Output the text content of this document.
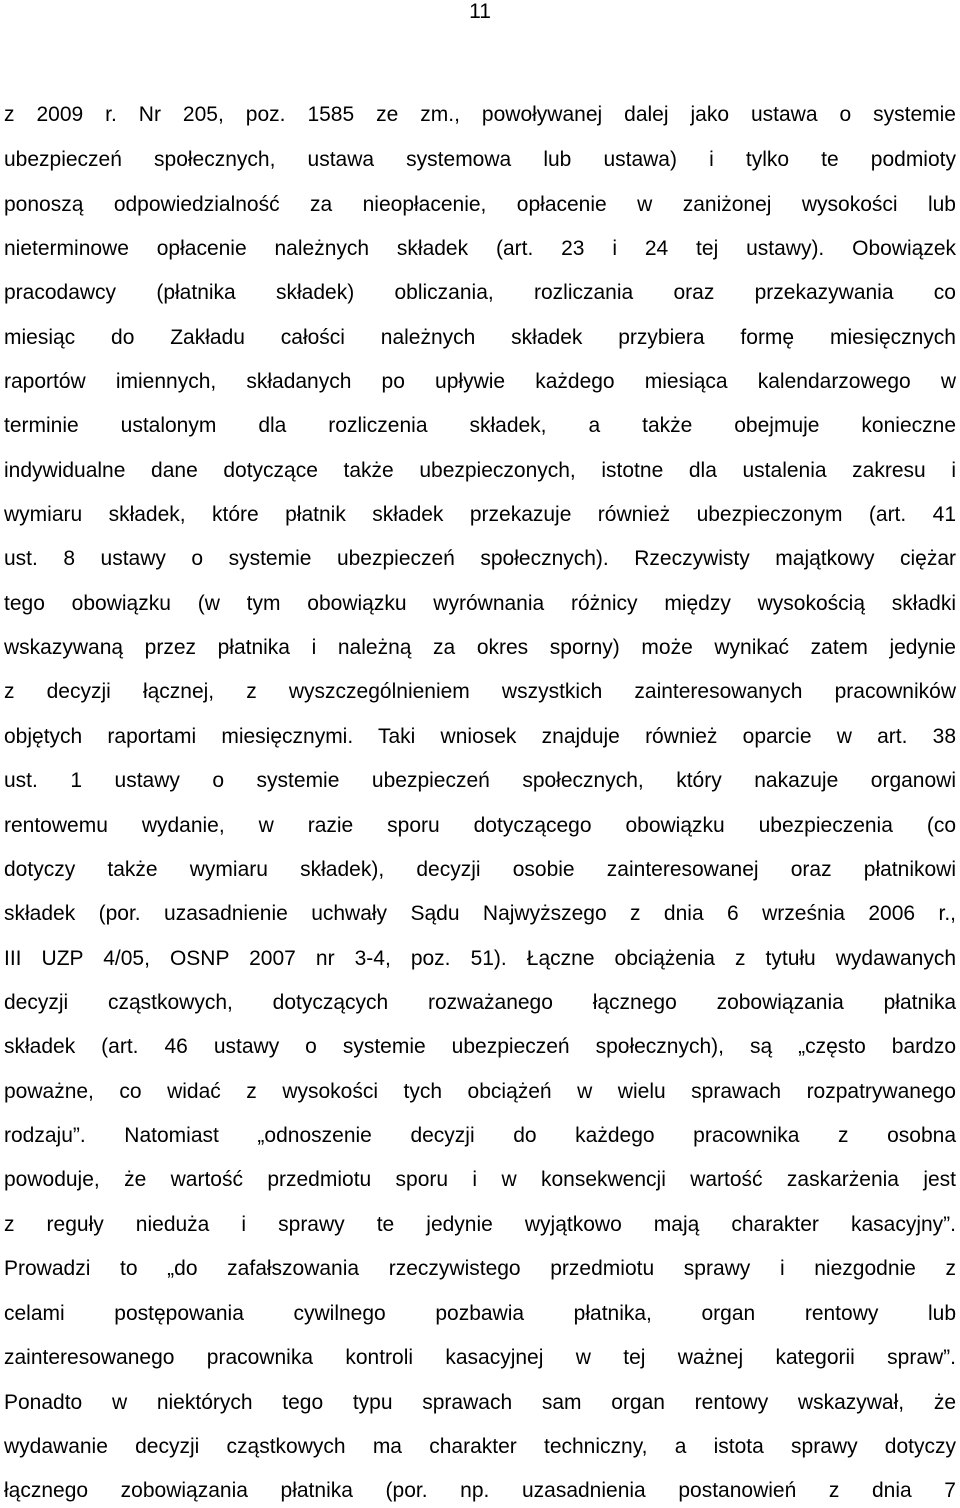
11
z 2009 r. Nr 205, poz. 1585 ze zm., powoływanej dalej jako ustawa o systemie
ubezpieczeń społecznych, ustawa systemowa lub ustawa) i tylko te podmioty
ponoszą odpowiedzialność za nieopłacenie, opłacenie w zaniżonej wysokości lub
nieterminowe opłacenie należnych składek (art. 23 i 24 tej ustawy). Obowiązek
pracodawcy (płatnika składek) obliczania, rozliczania oraz przekazywania co
miesiąc do Zakładu całości należnych składek przybiera formę miesięcznych
raportów imiennych, składanych po upływie każdego miesiąca kalendarzowego w
terminie ustalonym dla rozliczenia składek, a także obejmuje konieczne
indywidualne dane dotyczące także ubezpieczonych, istotne dla ustalenia zakresu i
wymiaru składek, które płatnik składek przekazuje również ubezpieczonym (art. 41
ust. 8 ustawy o systemie ubezpieczeń społecznych). Rzeczywisty majątkowy ciężar
tego obowiązku (w tym obowiązku wyrównania różnicy między wysokością składki
wskazywaną przez płatnika i należną za okres sporny) może wynikać zatem jedynie
z decyzji łącznej, z wyszczególnieniem wszystkich zainteresowanych pracowników
objętych raportami miesięcznymi. Taki wniosek znajduje również oparcie w art. 38
ust. 1 ustawy o systemie ubezpieczeń społecznych, który nakazuje organowi
rentowemu wydanie, w razie sporu dotyczącego obowiązku ubezpieczenia (co
dotyczy także wymiaru składek), decyzji osobie zainteresowanej oraz płatnikowi
składek (por. uzasadnienie uchwały Sądu Najwyższego z dnia 6 września 2006 r.,
III UZP 4/05, OSNP 2007 nr 3-4, poz. 51). Łączne obciążenia z tytułu wydawanych
decyzji cząstkowych, dotyczących rozważanego łącznego zobowiązania płatnika
składek (art. 46 ustawy o systemie ubezpieczeń społecznych), są „często bardzo
poważne, co widać z wysokości tych obciążeń w wielu sprawach rozpatrywanego
rodzaju”. Natomiast „odnoszenie decyzji do każdego pracownika z osobna
powoduje, że wartość przedmiotu sporu i w konsekwencji wartość zaskarżenia jest
z reguły nieduża i sprawy te jedynie wyjątkowo mają charakter kasacyjny”.
Prowadzi to „do zafałszowania rzeczywistego przedmiotu sprawy i niezgodnie z
celami postępowania cywilnego pozbawia płatnika, organ rentowy lub
zainteresowanego pracownika kontroli kasacyjnej w tej ważnej kategorii spraw”.
Ponadto w niektórych tego typu sprawach sam organ rentowy wskazywał, że
wydawanie decyzji cząstkowych ma charakter techniczny, a istota sprawy dotyczy
łącznego zobowiązania płatnika (por. np. uzasadnienia postanowień z dnia 7
